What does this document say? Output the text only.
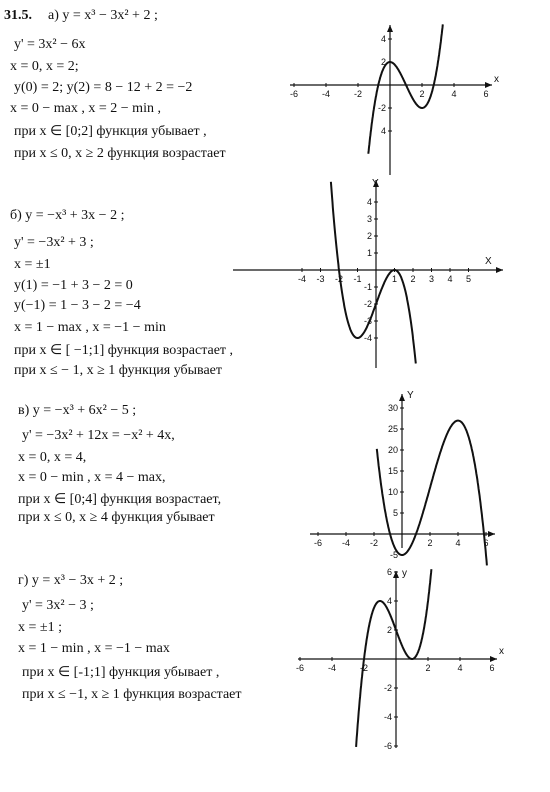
31.5. а) y = x³ − 3x² + 2 ;
y' = 3x² − 6x
x = 0, x = 2;
y(0) = 2; y(2) = 8 − 12 + 2 = −2
x = 0 − max , x = 2 − min ,
при x ∈ [0;2] функция убывает ,
при x ≤ 0, x ≥ 2 функция возрастает
-6	-4	-2	2	4	6
4
2
-2
4
x
б) y = −x³ + 3x − 2 ;
y' = −3x² + 3 ;
x = ±1
y(1) = −1 + 3 − 2 = 0
y(−1) = 1 − 3 − 2 = −4
x = 1 − max , x = −1 − min
при x ∈ [ −1;1] функция возрастает ,
при x ≤ − 1, x ≥ 1 функция убывает
-4 -3 -2 -1	1 2 3 4 5
4
3
2
1
-1
-2
-3
-4
X
Y
в) y = −x³ + 6x² − 5 ;
y' = −3x² + 12x = −x² + 4x,
x = 0, x = 4,
x = 0 − min , x = 4 − max,
при x ∈ [0;4] функция возрастает,
при x ≤ 0, x ≥ 4 функция убывает
-6 -4 -2	2	4	6
30
25
20
15
10
5
-5
Y
г) y = x³ − 3x + 2 ;
y' = 3x² − 3 ;
x = ±1 ;
x = 1 − min , x = −1 − max
при x ∈ [-1;1] функция убывает ,
при x ≤ −1, x ≥ 1 функция возрастает
-6	-4	-2	2	4	6
6
4
2
-2
-4
-6
x
y
